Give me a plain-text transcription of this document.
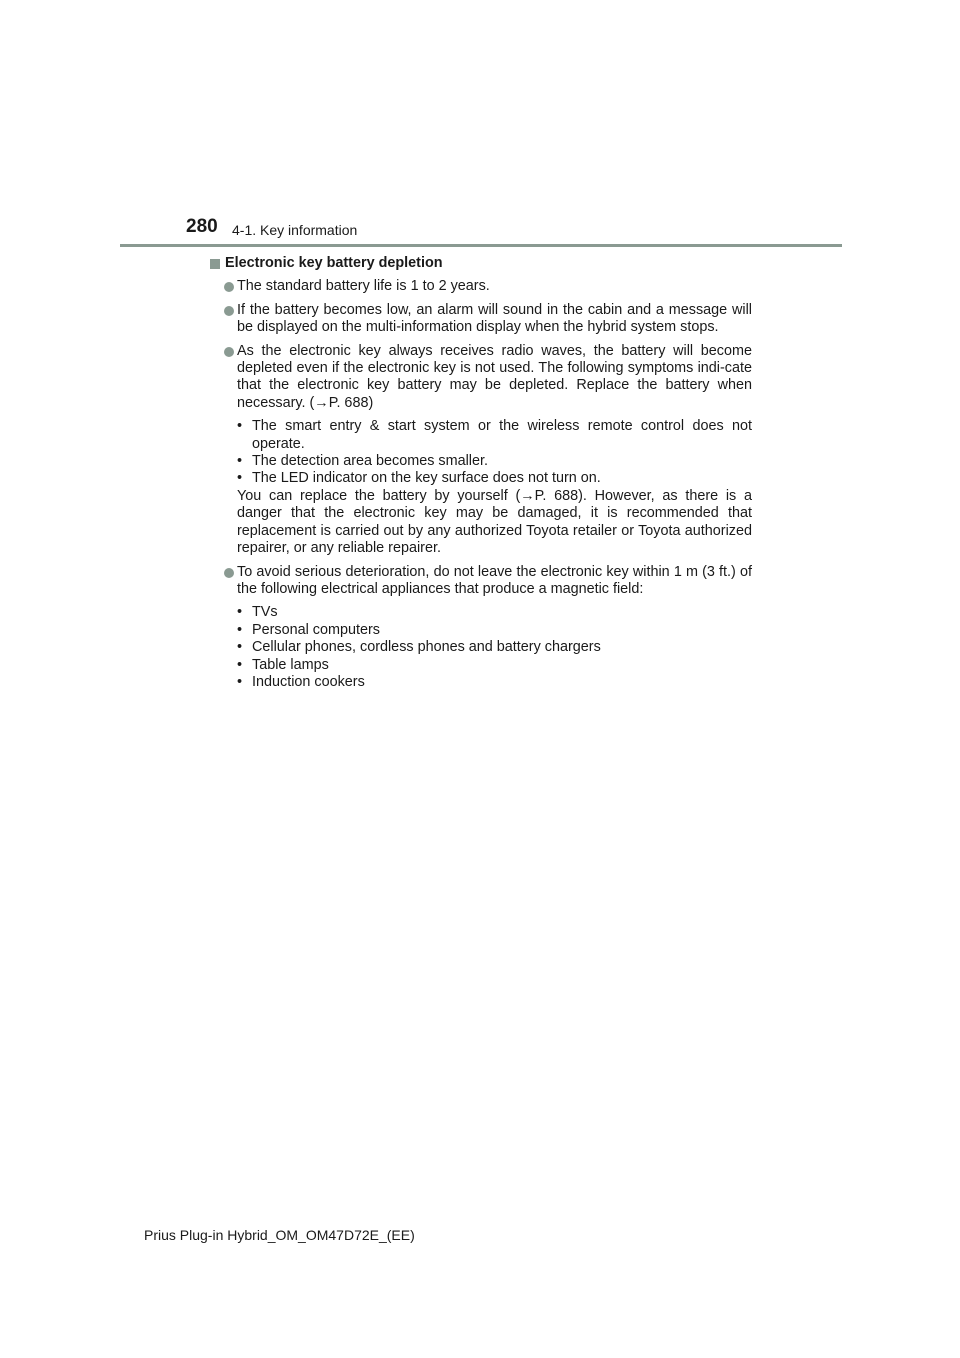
280 4-1. Key information
Electronic key battery depletion
The standard battery life is 1 to 2 years.
If the battery becomes low, an alarm will sound in the cabin and a message will be displayed on the multi-information display when the hybrid system stops.
As the electronic key always receives radio waves, the battery will become depleted even if the electronic key is not used. The following symptoms indi-cate that the electronic key battery may be depleted. Replace the battery when necessary. (→P. 688)
• The smart entry & start system or the wireless remote control does not operate.
• The detection area becomes smaller.
• The LED indicator on the key surface does not turn on.
You can replace the battery by yourself (→P. 688). However, as there is a danger that the electronic key may be damaged, it is recommended that replacement is carried out by any authorized Toyota retailer or Toyota authorized repairer, or any reliable repairer.
To avoid serious deterioration, do not leave the electronic key within 1 m (3 ft.) of the following electrical appliances that produce a magnetic field:
• TVs
• Personal computers
• Cellular phones, cordless phones and battery chargers
• Table lamps
• Induction cookers
Prius Plug-in Hybrid_OM_OM47D72E_(EE)
